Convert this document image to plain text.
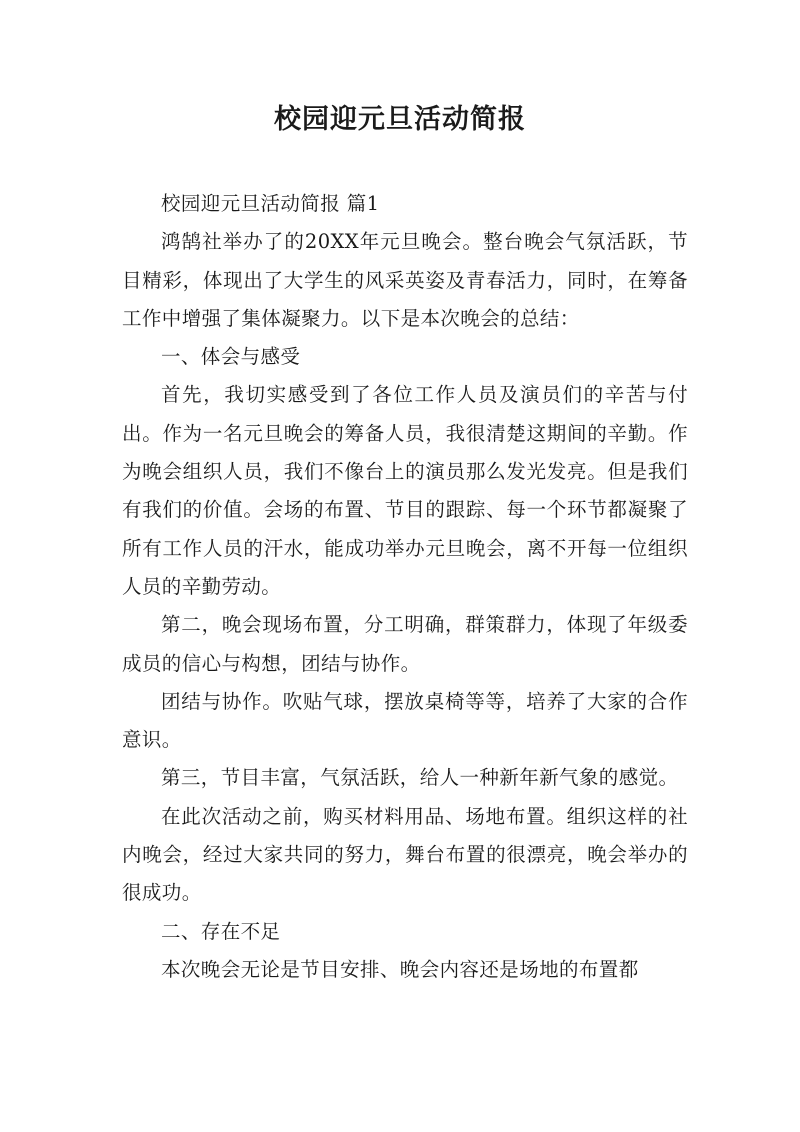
校园迎元旦活动简报

校园迎元旦活动简报 篇1

鸿鹄社举办了的20XX年元旦晚会。整台晚会气氛活跃，节目精彩，体现出了大学生的风采英姿及青春活力，同时，在筹备工作中增强了集体凝聚力。以下是本次晚会的总结：

一、体会与感受

首先，我切实感受到了各位工作人员及演员们的辛苦与付出。作为一名元旦晚会的筹备人员，我很清楚这期间的辛勤。作为晚会组织人员，我们不像台上的演员那么发光发亮。但是我们有我们的价值。会场的布置、节目的跟踪、每一个环节都凝聚了所有工作人员的汗水，能成功举办元旦晚会，离不开每一位组织人员的辛勤劳动。

第二，晚会现场布置，分工明确，群策群力，体现了年级委成员的信心与构想，团结与协作。

团结与协作。吹贴气球，摆放桌椅等等，培养了大家的合作意识。

第三，节目丰富，气氛活跃，给人一种新年新气象的感觉。

在此次活动之前，购买材料用品、场地布置。组织这样的社内晚会，经过大家共同的努力，舞台布置的很漂亮，晚会举办的很成功。

二、存在不足

本次晚会无论是节目安排、晚会内容还是场地的布置都
